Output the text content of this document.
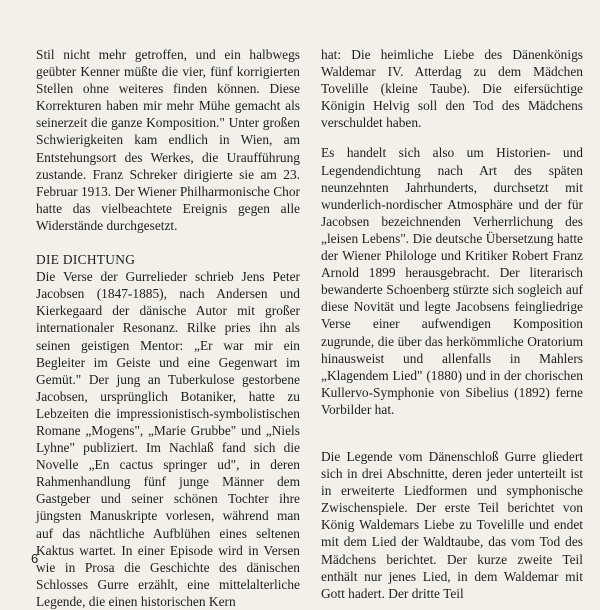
Stil nicht mehr getroffen, und ein halbwegs geübter Kenner müßte die vier, fünf korrigierten Stellen ohne weiteres finden können. Diese Korrekturen haben mir mehr Mühe gemacht als seinerzeit die ganze Komposition." Unter großen Schwierigkeiten kam endlich in Wien, am Entstehungsort des Werkes, die Uraufführung zustande. Franz Schreker dirigierte sie am 23. Februar 1913. Der Wiener Philharmonische Chor hatte das vielbeachtete Ereignis gegen alle Widerstände durchgesetzt.

DIE DICHTUNG

Die Verse der Gurrelieder schrieb Jens Peter Jacobsen (1847-1885), nach Andersen und Kierkegaard der dänische Autor mit großer internationaler Resonanz. Rilke pries ihn als seinen geistigen Mentor: „Er war mir ein Begleiter im Geiste und eine Gegenwart im Gemüt." Der jung an Tuberkulose gestorbene Jacobsen, ursprünglich Botaniker, hatte zu Lebzeiten die impressionistisch-symbolistischen Romane „Mogens", „Marie Grubbe" und „Niels Lyhne" publiziert. Im Nachlaß fand sich die Novelle „En cactus springer ud", in deren Rahmenhandlung fünf junge Männer dem Gastgeber und seiner schönen Tochter ihre jüngsten Manuskripte vorlesen, während man auf das nächtliche Aufblühen eines seltenen Kaktus wartet. In einer Episode wird in Versen wie in Prosa die Geschichte des dänischen Schlosses Gurre erzählt, eine mittelalterliche Legende, die einen historischen Kern

hat: Die heimliche Liebe des Dänenkönigs Waldemar IV. Atterdag zu dem Mädchen Tovelille (kleine Taube). Die eifersüchtige Königin Helvig soll den Tod des Mädchens verschuldet haben.

Es handelt sich also um Historien- und Legendendichtung nach Art des späten neunzehnten Jahrhunderts, durchsetzt mit wunderlich-nordischer Atmosphäre und der für Jacobsen bezeichnenden Verherrlichung des „leisen Lebens". Die deutsche Übersetzung hatte der Wiener Philologe und Kritiker Robert Franz Arnold 1899 herausgebracht. Der literarisch bewanderte Schoenberg stürzte sich sogleich auf diese Novität und legte Jacobsens feingliedrige Verse einer aufwendigen Komposition zugrunde, die über das herkömmliche Oratorium hinausweist und allenfalls in Mahlers „Klagendem Lied" (1880) und in der chorischen Kullervo-Symphonie von Sibelius (1892) ferne Vorbilder hat.

Die Legende vom Dänenschloß Gurre gliedert sich in drei Abschnitte, deren jeder unterteilt ist in erweiterte Liedformen und symphonische Zwischenspiele. Der erste Teil berichtet von König Waldemars Liebe zu Tovelille und endet mit dem Lied der Waldtaube, das vom Tod des Mädchens berichtet. Der kurze zweite Teil enthält nur jenes Lied, in dem Waldemar mit Gott hadert. Der dritte Teil

6
